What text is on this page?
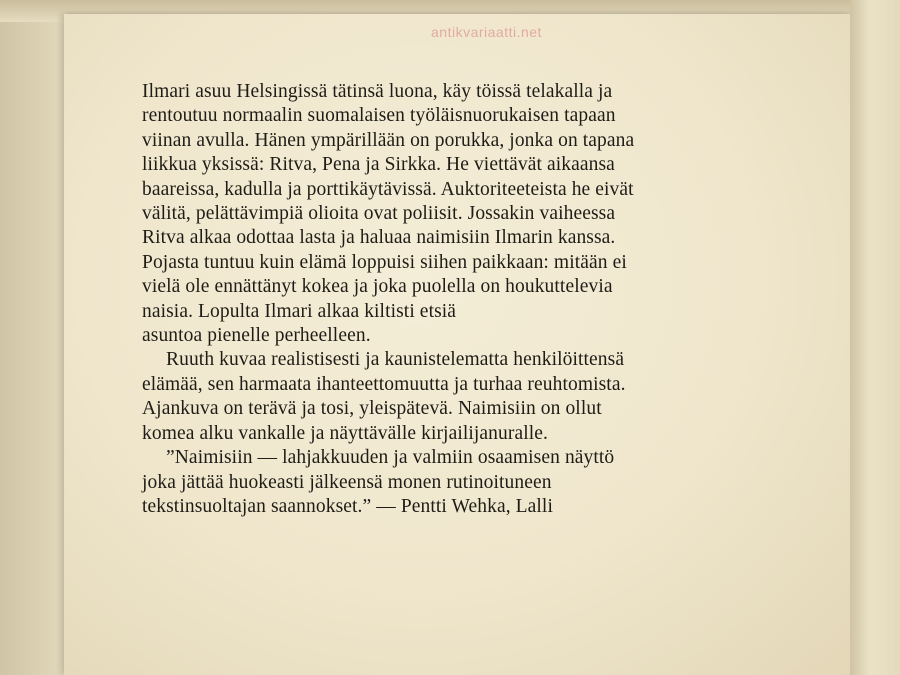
antikvariaatti.net
Ilmari asuu Helsingissä tätinsä luona, käy töissä telakalla ja
rentoutuu normaalin suomalaisen työläisnuorukaisen tapaan
viinan avulla. Hänen ympärillään on porukka, jonka on tapana
liikkua yksissä: Ritva, Pena ja Sirkka. He viettävät aikaansa
baareissa, kadulla ja porttikäytävissä. Auktoriteeteista he eivät
välitä, pelättävimpiä olioita ovat poliisit. Jossakin vaiheessa
Ritva alkaa odottaa lasta ja haluaa naimisiin Ilmarin kanssa.
Pojasta tuntuu kuin elämä loppuisi siihen paikkaan: mitään ei
vielä ole ennättänyt kokea ja joka puolella on houkuttelevia
naisia. Lopulta Ilmari alkaa kiltisti etsiä
asuntoa pienelle perheelleen.
Ruuth kuvaa realistisesti ja kaunistelematta henkilöittensä
elämää, sen harmaata ihanteettomuutta ja turhaa reuhtomista.
Ajankuva on terävä ja tosi, yleispätevä. Naimisiin on ollut
komea alku vankalle ja näyttävälle kirjailijanuralle.
”Naimisiin — lahjakkuuden ja valmiin osaamisen näyttö
joka jättää huokeasti jälkeensä monen rutinoituneen
tekstinsuoltajan saannokset.” — Pentti Wehka, Lalli
